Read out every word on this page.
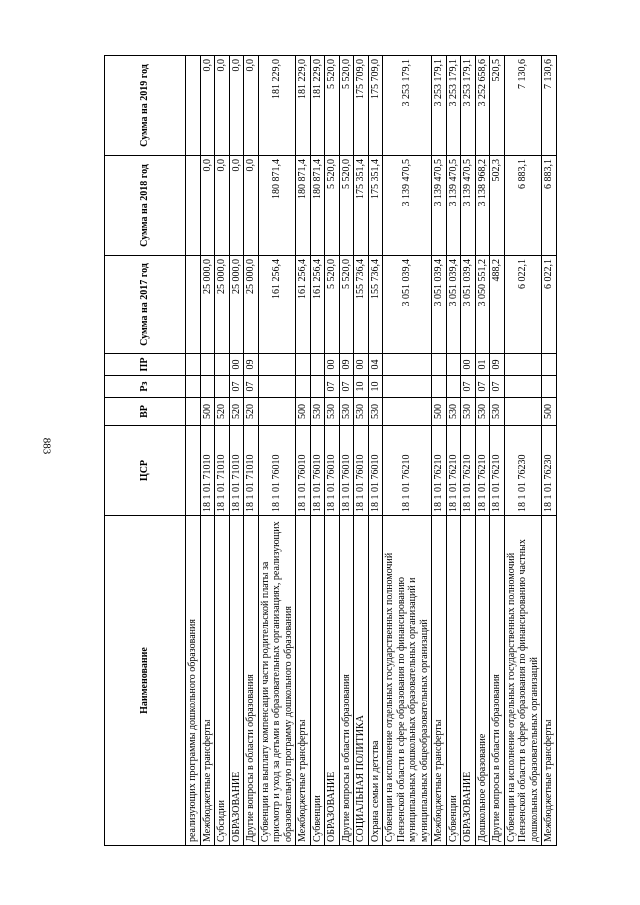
883
Наименование	ЦСР	ВР	Рз	ПР	Сумма на 2017 год	Сумма на 2018 год	Сумма на 2019 год
реализующих программы дошкольного образования							
Межбюджетные трансферты	18 1 01 71010	500			25 000,0	0,0	0,0
Субсидии	18 1 01 71010	520			25 000,0	0,0	0,0
ОБРАЗОВАНИЕ	18 1 01 71010	520	07	00	25 000,0	0,0	0,0
Другие вопросы в области образования	18 1 01 71010	520	07	09	25 000,0	0,0	0,0
Субвенции на выплату компенсации части родительской платы за присмотр и уход за детьми в образовательных организациях, реализующих образовательную программу дошкольного образования	18 1 01 76010				161 256,4	180 871,4	181 229,0
Межбюджетные трансферты	18 1 01 76010	500			161 256,4	180 871,4	181 229,0
Субвенции	18 1 01 76010	530			161 256,4	180 871,4	181 229,0
ОБРАЗОВАНИЕ	18 1 01 76010	530	07	00	5 520,0	5 520,0	5 520,0
Другие вопросы в области образования	18 1 01 76010	530	07	09	5 520,0	5 520,0	5 520,0
СОЦИАЛЬНАЯ ПОЛИТИКА	18 1 01 76010	530	10	00	155 736,4	175 351,4	175 709,0
Охрана семьи и детства	18 1 01 76010	530	10	04	155 736,4	175 351,4	175 709,0
Субвенции на исполнение отдельных государственных полномочий Пензенской области в сфере образования по финансированию муниципальных дошкольных образовательных организаций и муниципальных общеобразовательных организаций	18 1 01 76210				3 051 039,4	3 139 470,5	3 253 179,1
Межбюджетные трансферты	18 1 01 76210	500			3 051 039,4	3 139 470,5	3 253 179,1
Субвенции	18 1 01 76210	530			3 051 039,4	3 139 470,5	3 253 179,1
ОБРАЗОВАНИЕ	18 1 01 76210	530	07	00	3 051 039,4	3 139 470,5	3 253 179,1
Дошкольное образование	18 1 01 76210	530	07	01	3 050 551,2	3 138 968,2	3 252 658,6
Другие вопросы в области образования	18 1 01 76210	530	07	09	488,2	502,3	520,5
Субвенции на исполнение отдельных государственных полномочий Пензенской области в сфере образования по финансированию частных дошкольных образовательных организаций	18 1 01 76230				6 022,1	6 883,1	7 130,6
Межбюджетные трансферты	18 1 01 76230	500			6 022,1	6 883,1	7 130,6
